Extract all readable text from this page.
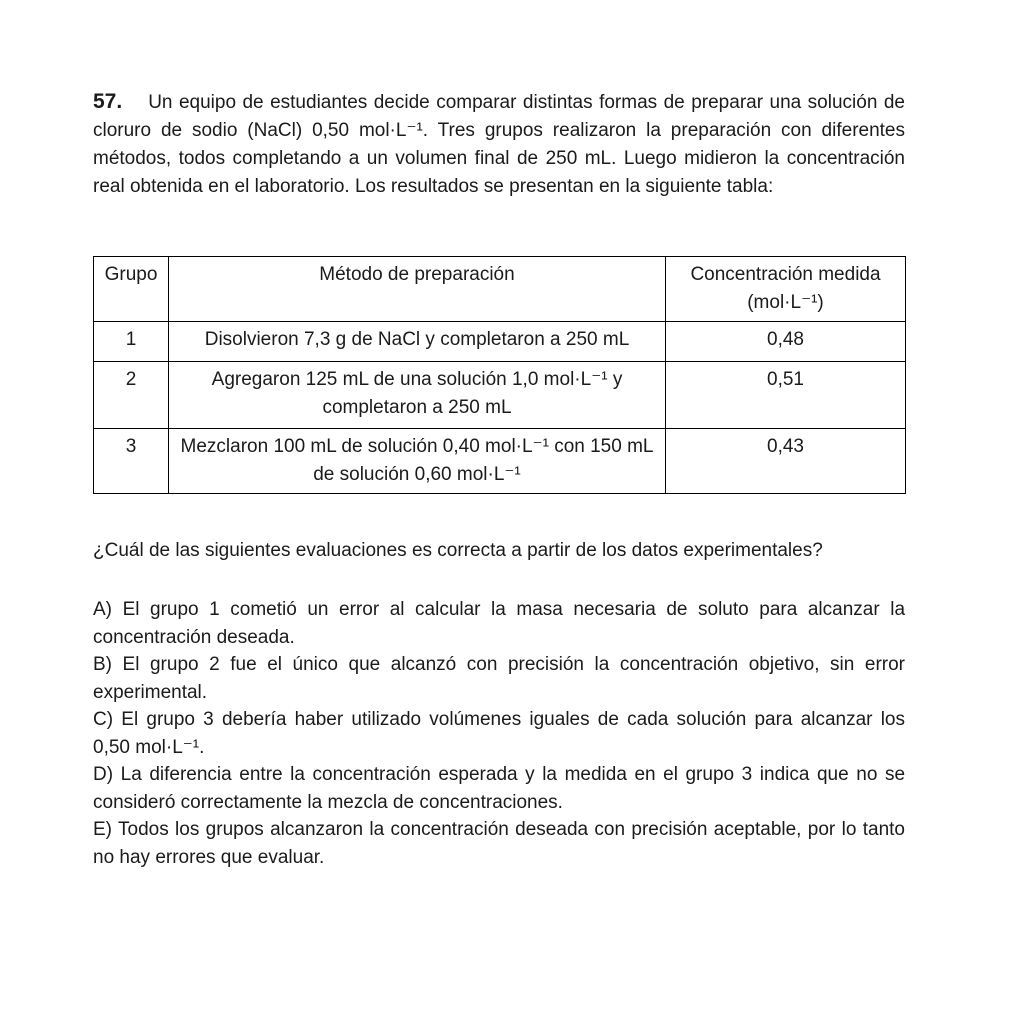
57. Un equipo de estudiantes decide comparar distintas formas de preparar una solución de cloruro de sodio (NaCl) 0,50 mol·L⁻¹. Tres grupos realizaron la preparación con diferentes métodos, todos completando a un volumen final de 250 mL. Luego midieron la concentración real obtenida en el laboratorio. Los resultados se presentan en la siguiente tabla:

Grupo	Método de preparación	Concentración medida (mol·L⁻¹)
1	Disolvieron 7,3 g de NaCl y completaron a 250 mL	0,48
2	Agregaron 125 mL de una solución 1,0 mol·L⁻¹ y completaron a 250 mL	0,51
3	Mezclaron 100 mL de solución 0,40 mol·L⁻¹ con 150 mL de solución 0,60 mol·L⁻¹	0,43

¿Cuál de las siguientes evaluaciones es correcta a partir de los datos experimentales?

A) El grupo 1 cometió un error al calcular la masa necesaria de soluto para alcanzar la concentración deseada.

B) El grupo 2 fue el único que alcanzó con precisión la concentración objetivo, sin error experimental.

C) El grupo 3 debería haber utilizado volúmenes iguales de cada solución para alcanzar los 0,50 mol·L⁻¹.

D) La diferencia entre la concentración esperada y la medida en el grupo 3 indica que no se consideró correctamente la mezcla de concentraciones.

E) Todos los grupos alcanzaron la concentración deseada con precisión aceptable, por lo tanto no hay errores que evaluar.
